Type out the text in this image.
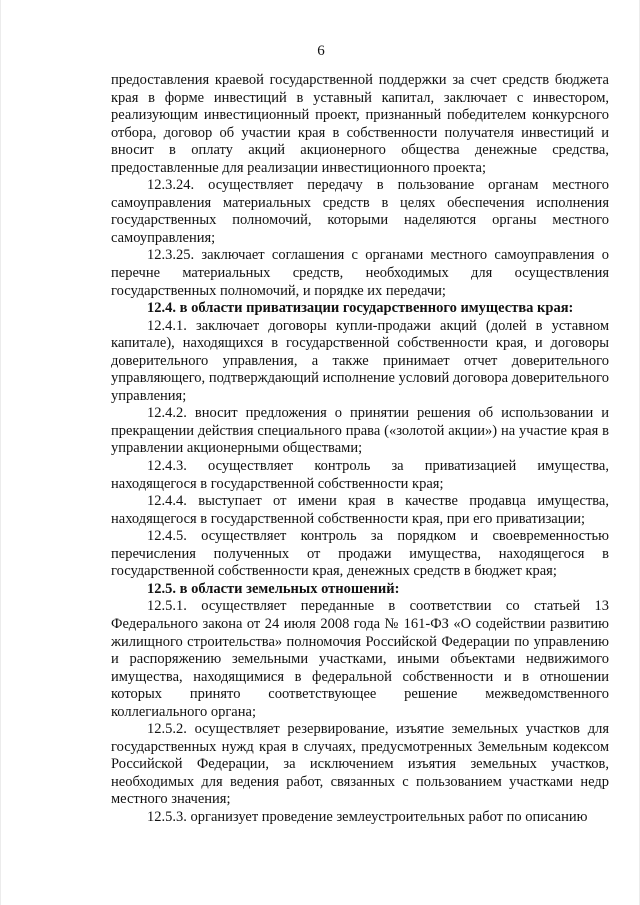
6

предоставления краевой государственной поддержки за счет средств бюджета края в форме инвестиций в уставный капитал, заключает с инвестором, реализующим инвестиционный проект, признанный победителем конкурсного отбора, договор об участии края в собственности получателя инвестиций и вносит в оплату акций акционерного общества денежные средства, предоставленные для реализации инвестиционного проекта;

12.3.24. осуществляет передачу в пользование органам местного самоуправления материальных средств в целях обеспечения исполнения государственных полномочий, которыми наделяются органы местного самоуправления;

12.3.25. заключает соглашения с органами местного самоуправления о перечне материальных средств, необходимых для осуществления государственных полномочий, и порядке их передачи;

12.4. в области приватизации государственного имущества края:

12.4.1. заключает договоры купли-продажи акций (долей в уставном капитале), находящихся в государственной собственности края, и договоры доверительного управления, а также принимает отчет доверительного управляющего, подтверждающий исполнение условий договора доверительного управления;

12.4.2. вносит предложения о принятии решения об использовании и прекращении действия специального права («золотой акции») на участие края в управлении акционерными обществами;

12.4.3. осуществляет контроль за приватизацией имущества, находящегося в государственной собственности края;

12.4.4. выступает от имени края в качестве продавца имущества, находящегося в государственной собственности края, при его приватизации;

12.4.5. осуществляет контроль за порядком и своевременностью перечисления полученных от продажи имущества, находящегося в государственной собственности края, денежных средств в бюджет края;

12.5. в области земельных отношений:

12.5.1. осуществляет переданные в соответствии со статьей 13 Федерального закона от 24 июля 2008 года № 161-ФЗ «О содействии развитию жилищного строительства» полномочия Российской Федерации по управлению и распоряжению земельными участками, иными объектами недвижимого имущества, находящимися в федеральной собственности и в отношении которых принято соответствующее решение межведомственного коллегиального органа;

12.5.2. осуществляет резервирование, изъятие земельных участков для государственных нужд края в случаях, предусмотренных Земельным кодексом Российской Федерации, за исключением изъятия земельных участков, необходимых для ведения работ, связанных с пользованием участками недр местного значения;

12.5.3. организует проведение землеустроительных работ по описанию
